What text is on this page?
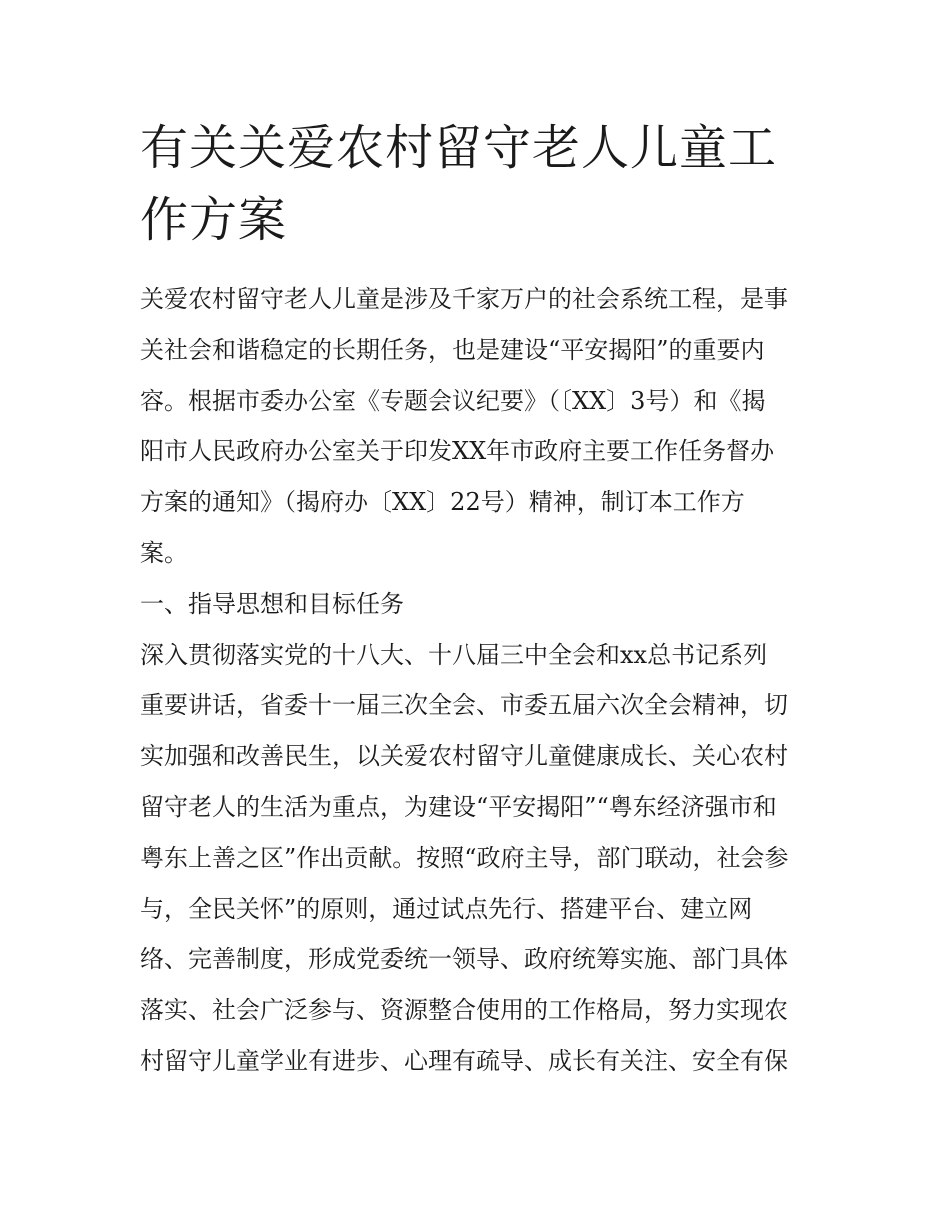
有关关爱农村留守老人儿童工
作方案
关爱农村留守老人儿童是涉及千家万户的社会系统工程，是事
关社会和谐稳定的长期任务，也是建设“平安揭阳”的重要内
容。根据市委办公室《专题会议纪要》（〔XX〕3号）和《揭
阳市人民政府办公室关于印发XX年市政府主要工作任务督办
方案的通知》（揭府办〔XX〕22号）精神，制订本工作方
案。
一、指导思想和目标任务
深入贯彻落实党的十八大、十八届三中全会和xx总书记系列
重要讲话，省委十一届三次全会、市委五届六次全会精神，切
实加强和改善民生，以关爱农村留守儿童健康成长、关心农村
留守老人的生活为重点，为建设“平安揭阳”“粤东经济强市和
粤东上善之区”作出贡献。按照“政府主导，部门联动，社会参
与，全民关怀”的原则，通过试点先行、搭建平台、建立网
络、完善制度，形成党委统一领导、政府统筹实施、部门具体
落实、社会广泛参与、资源整合使用的工作格局，努力实现农
村留守儿童学业有进步、心理有疏导、成长有关注、安全有保
